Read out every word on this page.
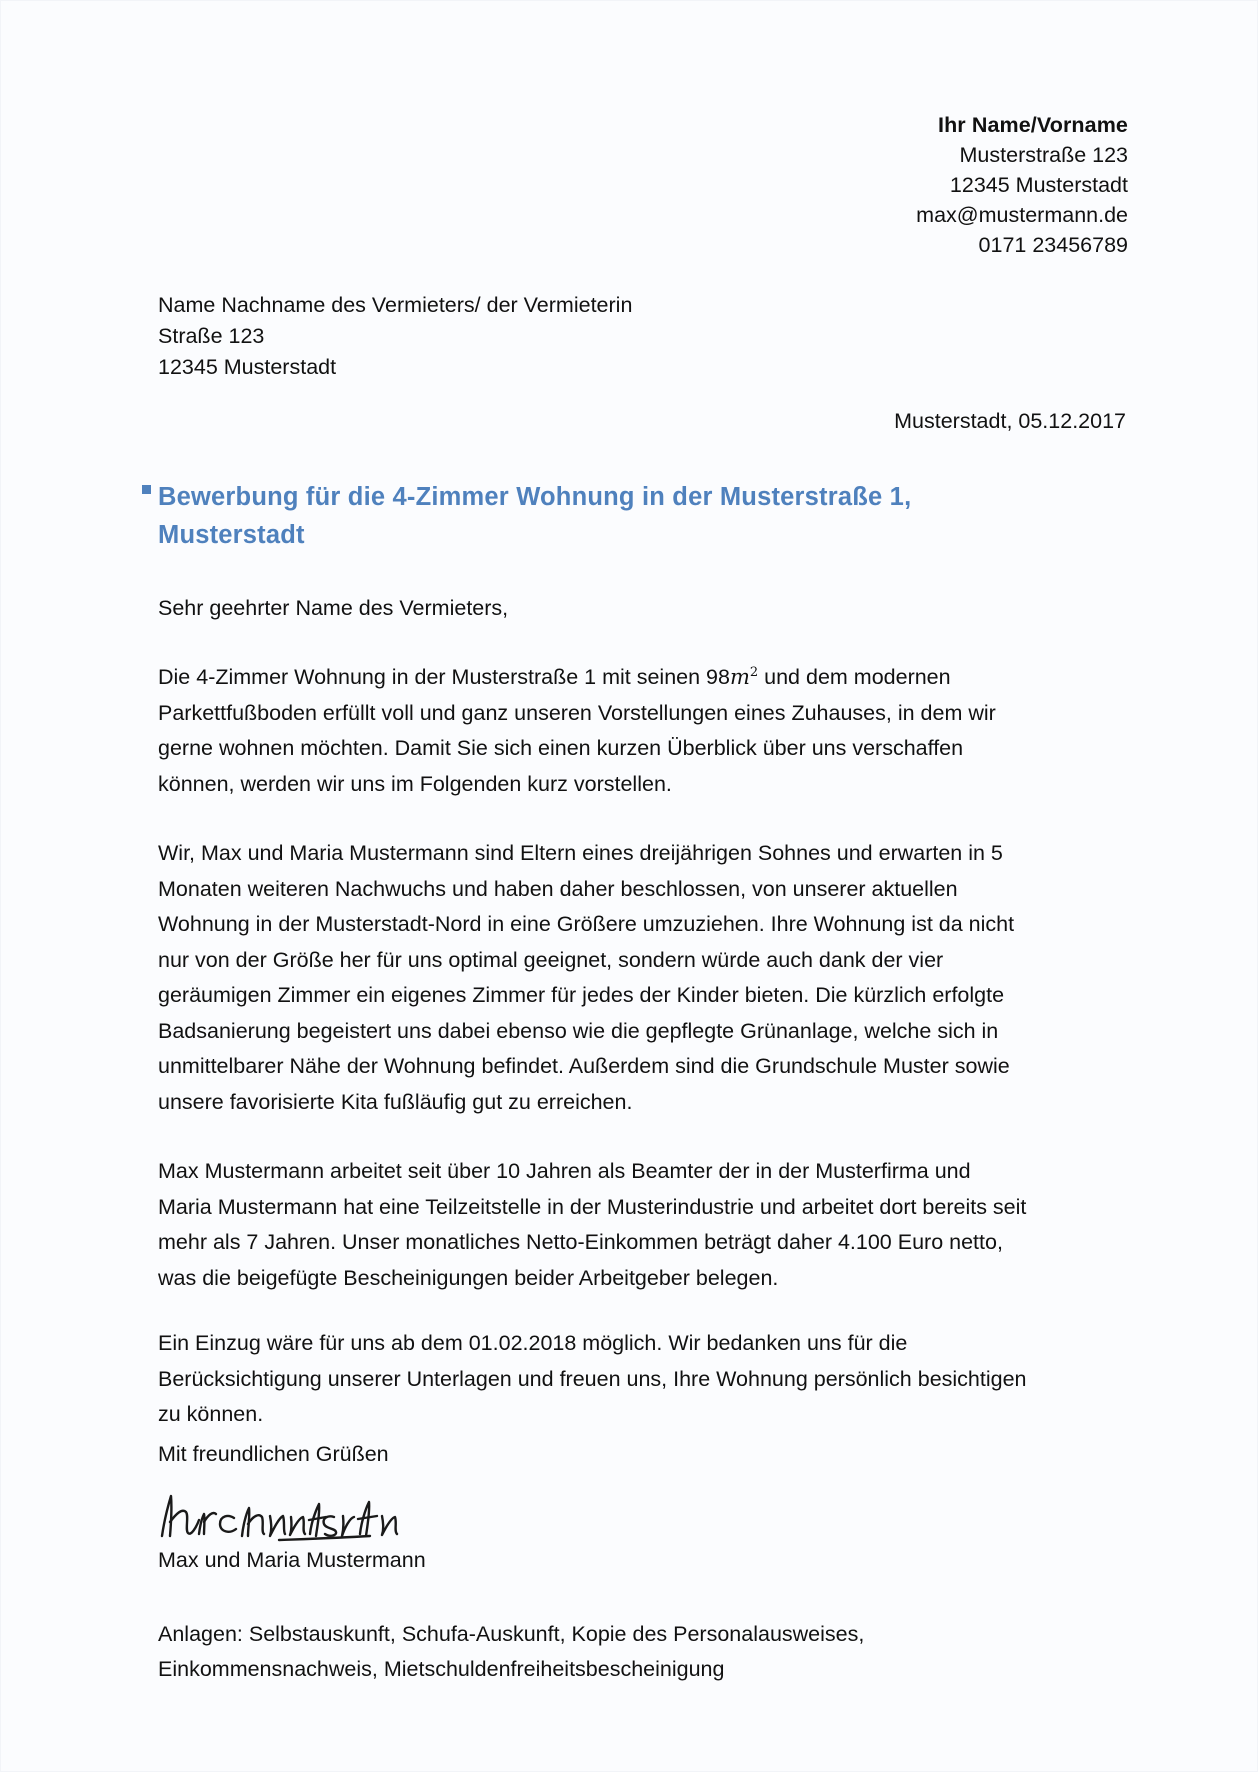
Ihr Name/Vorname
Musterstraße 123
12345 Musterstadt
max@mustermann.de
0171 23456789
Name Nachname des Vermieters/ der Vermieterin
Straße 123
12345 Musterstadt
Musterstadt, 05.12.2017
Bewerbung für die 4-Zimmer Wohnung in der Musterstraße 1, Musterstadt
Sehr geehrter Name des Vermieters,

Die 4-Zimmer Wohnung in der Musterstraße 1 mit seinen $98m^2$ und dem modernen Parkettfußboden erfüllt voll und ganz unseren Vorstellungen eines Zuhauses, in dem wir gerne wohnen möchten. Damit Sie sich einen kurzen Überblick über uns verschaffen können, werden wir uns im Folgenden kurz vorstellen.

Wir, Max und Maria Mustermann sind Eltern eines dreijährigen Sohnes und erwarten in 5 Monaten weiteren Nachwuchs und haben daher beschlossen, von unserer aktuellen Wohnung in der Musterstadt-Nord in eine Größere umzuziehen. Ihre Wohnung ist da nicht nur von der Größe her für uns optimal geeignet, sondern würde auch dank der vier geräumigen Zimmer ein eigenes Zimmer für jedes der Kinder bieten. Die kürzlich erfolgte Badsanierung begeistert uns dabei ebenso wie die gepflegte Grünanlage, welche sich in unmittelbarer Nähe der Wohnung befindet. Außerdem sind die Grundschule Muster sowie unsere favorisierte Kita fußläufig gut zu erreichen.

Max Mustermann arbeitet seit über 10 Jahren als Beamter der in der Musterfirma und Maria Mustermann hat eine Teilzeitstelle in der Musterindustrie und arbeitet dort bereits seit mehr als 7 Jahren. Unser monatliches Netto-Einkommen beträgt daher 4.100 Euro netto, was die beigefügte Bescheinigungen beider Arbeitgeber belegen.

Ein Einzug wäre für uns ab dem 01.02.2018 möglich. Wir bedanken uns für die Berücksichtigung unserer Unterlagen und freuen uns, Ihre Wohnung persönlich besichtigen zu können.

Mit freundlichen Grüßen
Max und Maria Mustermann
Anlagen: Selbstauskunft, Schufa-Auskunft, Kopie des Personalausweises,
Einkommensnachweis, Mietschuldenfreiheitsbescheinigung
